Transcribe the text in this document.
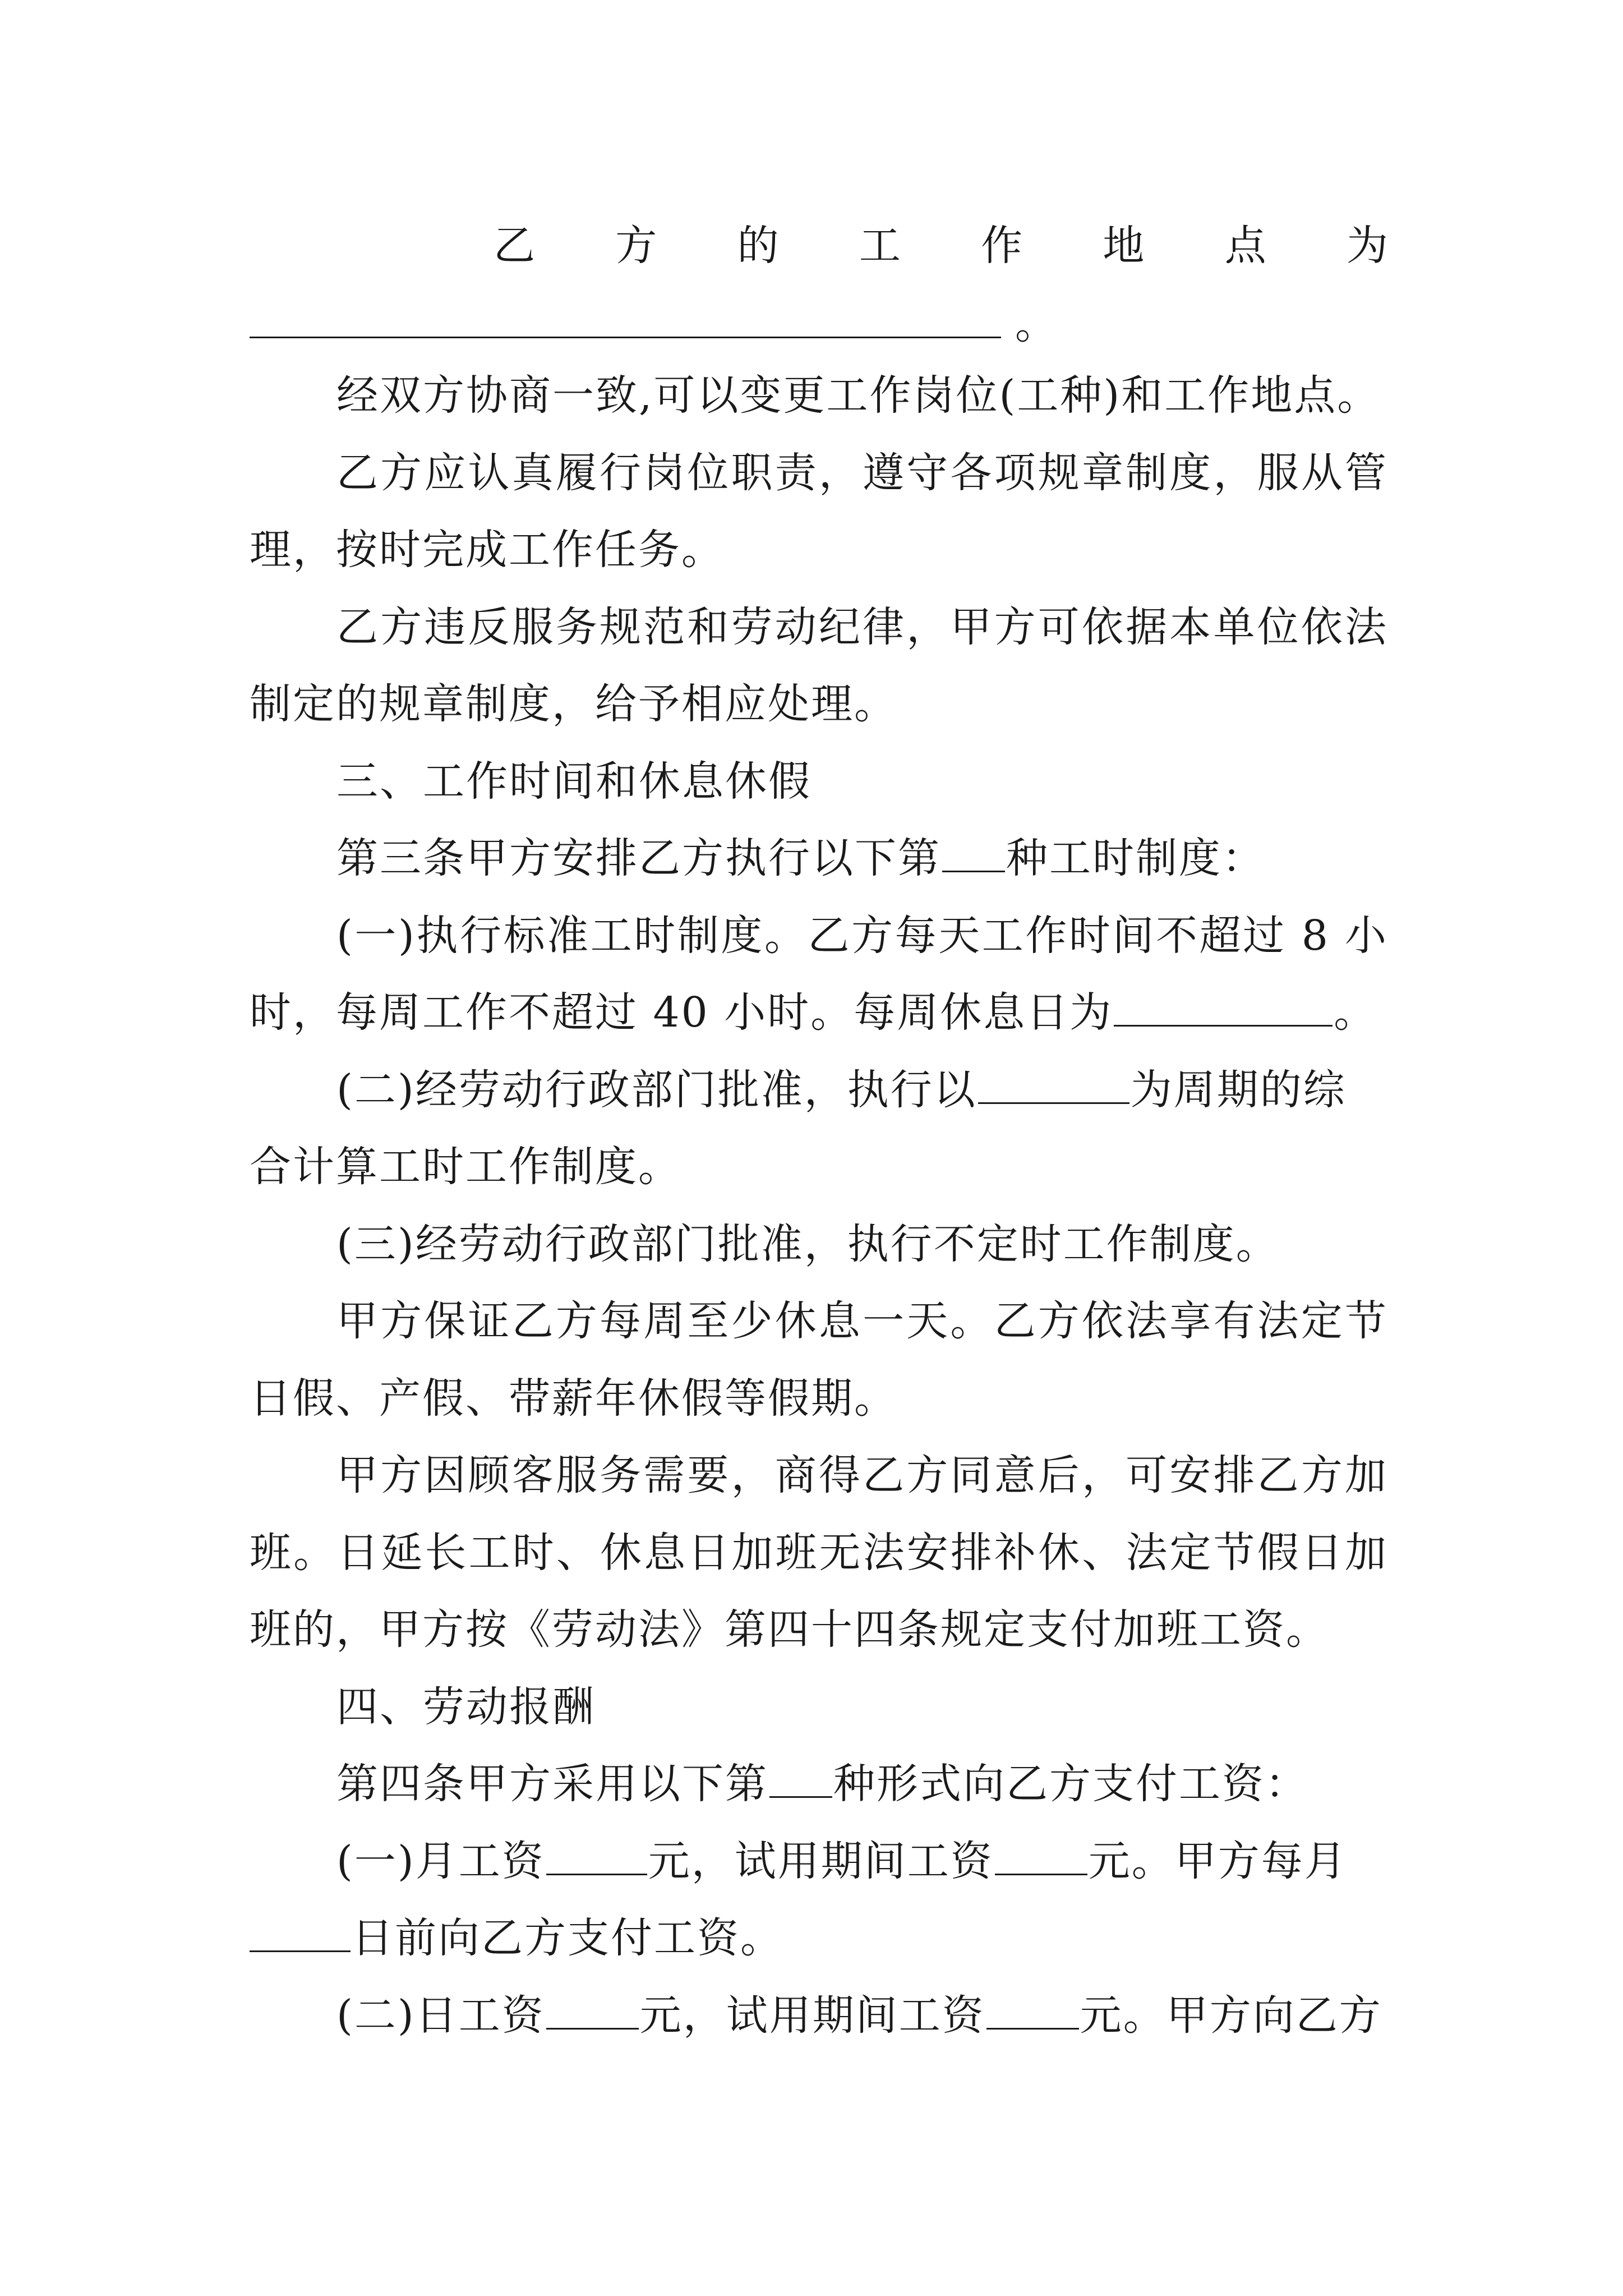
乙方的工作地点为
。
经双方协商一致,可以变更工作岗位(工种)和工作地点。
乙方应认真履行岗位职责，遵守各项规章制度，服从管
理，按时完成工作任务。
乙方违反服务规范和劳动纪律，甲方可依据本单位依法
制定的规章制度，给予相应处理。
三、工作时间和休息休假
第三条甲方安排乙方执行以下第 种工时制度：
(一)执行标准工时制度。乙方每天工作时间不超过 8 小
时，每周工作不超过 40 小时。每周休息日为	。
(二)经劳动行政部门批准，执行以	为周期的综
合计算工时工作制度。
(三)经劳动行政部门批准，执行不定时工作制度。
甲方保证乙方每周至少休息一天。乙方依法享有法定节
日假、产假、带薪年休假等假期。
甲方因顾客服务需要，商得乙方同意后，可安排乙方加
班。日延长工时、休息日加班无法安排补休、法定节假日加
班的，甲方按《劳动法》第四十四条规定支付加班工资。
四、劳动报酬
第四条甲方采用以下第 种形式向乙方支付工资：
(一)月工资 元，试用期间工资 元。甲方每月
日前向乙方支付工资。
(二)日工资 元，试用期间工资 元。甲方向乙方
